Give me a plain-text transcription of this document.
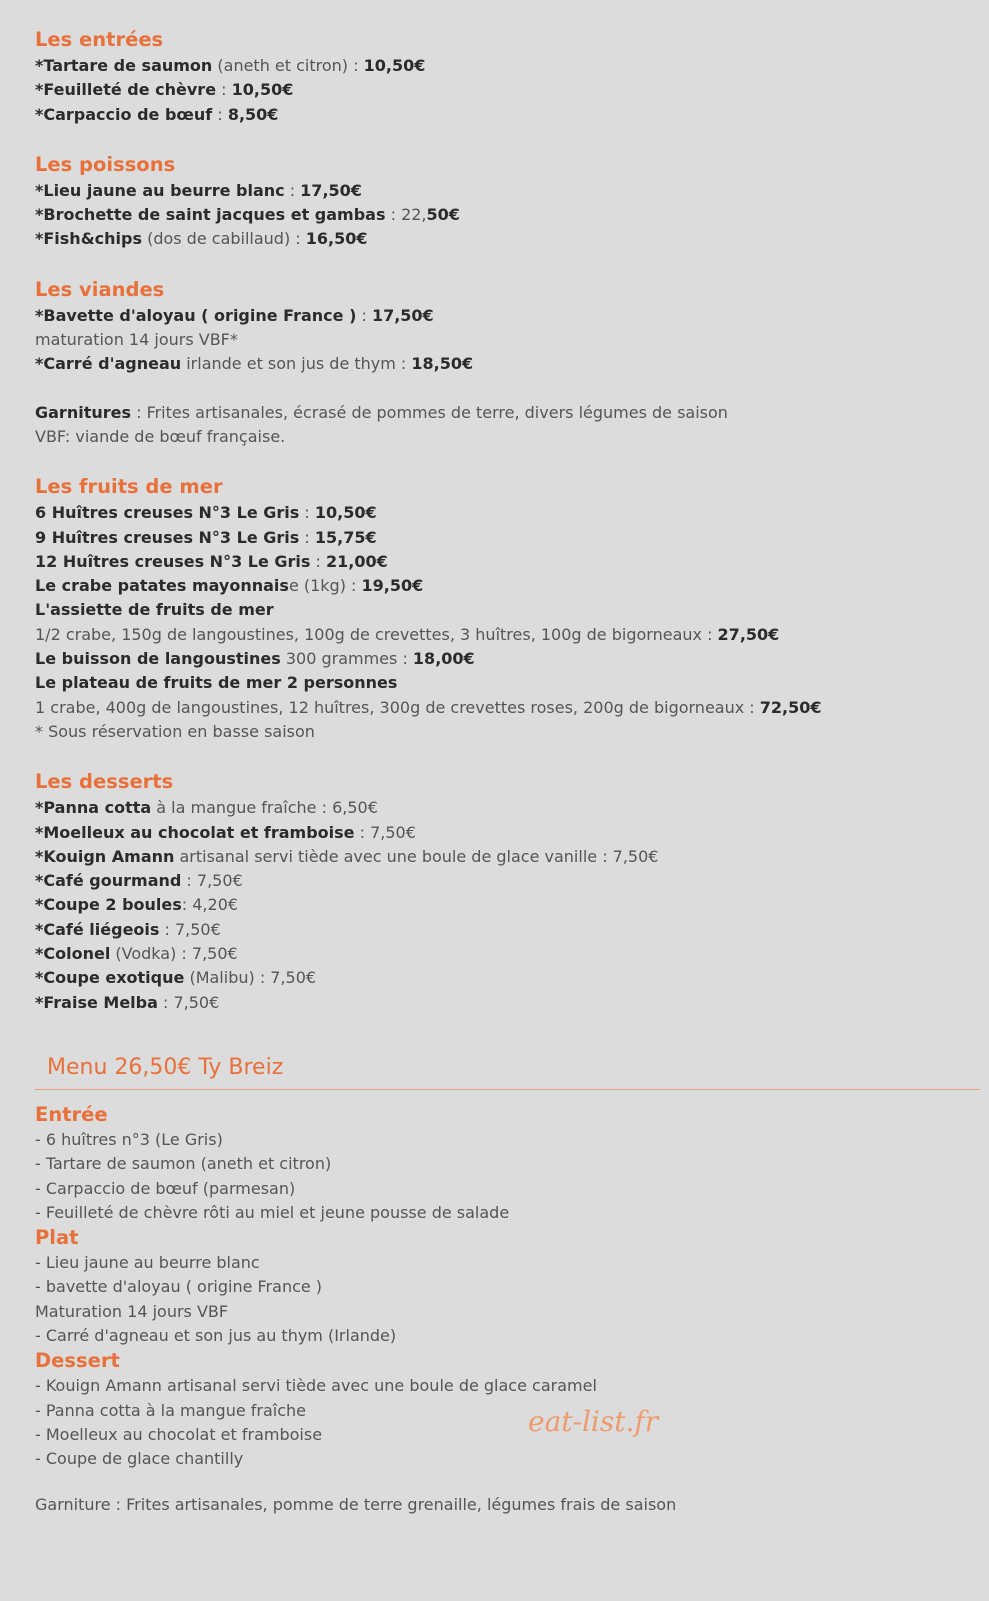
Les entrées
*Tartare de saumon (aneth et citron) : 10,50€
*Feuilleté de chèvre : 10,50€
*Carpaccio de bœuf : 8,50€
Les poissons
*Lieu jaune au beurre blanc : 17,50€
*Brochette de saint jacques et gambas : 22,50€
*Fish&chips (dos de cabillaud) : 16,50€
Les viandes
*Bavette d'aloyau ( origine France ) : 17,50€
maturation 14 jours VBF*
*Carré d'agneau irlande et son jus de thym : 18,50€
Garnitures : Frites artisanales, écrasé de pommes de terre, divers légumes de saison
VBF: viande de bœuf française.
Les fruits de mer
6 Huîtres creuses N°3 Le Gris : 10,50€
9 Huîtres creuses N°3 Le Gris : 15,75€
12 Huîtres creuses N°3 Le Gris : 21,00€
Le crabe patates mayonnaise (1kg) : 19,50€
L'assiette de fruits de mer
1/2 crabe, 150g de langoustines, 100g de crevettes, 3 huîtres, 100g de bigorneaux : 27,50€
Le buisson de langoustines 300 grammes : 18,00€
Le plateau de fruits de mer 2 personnes
1 crabe, 400g de langoustines, 12 huîtres, 300g de crevettes roses, 200g de bigorneaux : 72,50€
* Sous réservation en basse saison
Les desserts
*Panna cotta à la mangue fraîche : 6,50€
*Moelleux au chocolat et framboise : 7,50€
*Kouign Amann artisanal servi tiède avec une boule de glace vanille : 7,50€
*Café gourmand : 7,50€
*Coupe 2 boules: 4,20€
*Café liégeois : 7,50€
*Colonel (Vodka) : 7,50€
*Coupe exotique (Malibu) : 7,50€
*Fraise Melba : 7,50€
Menu 26,50€ Ty Breiz
Entrée
- 6 huîtres n°3 (Le Gris)
- Tartare de saumon (aneth et citron)
- Carpaccio de bœuf (parmesan)
- Feuilleté de chèvre rôti au miel et jeune pousse de salade
Plat
- Lieu jaune au beurre blanc
- bavette d'aloyau ( origine France )
Maturation 14 jours VBF
- Carré d'agneau et son jus au thym (Irlande)
Dessert
- Kouign Amann artisanal servi tiède avec une boule de glace caramel
- Panna cotta à la mangue fraîche
- Moelleux au chocolat et framboise
- Coupe de glace chantilly
Garniture : Frites artisanales, pomme de terre grenaille, légumes frais de saison
eat-list.fr
